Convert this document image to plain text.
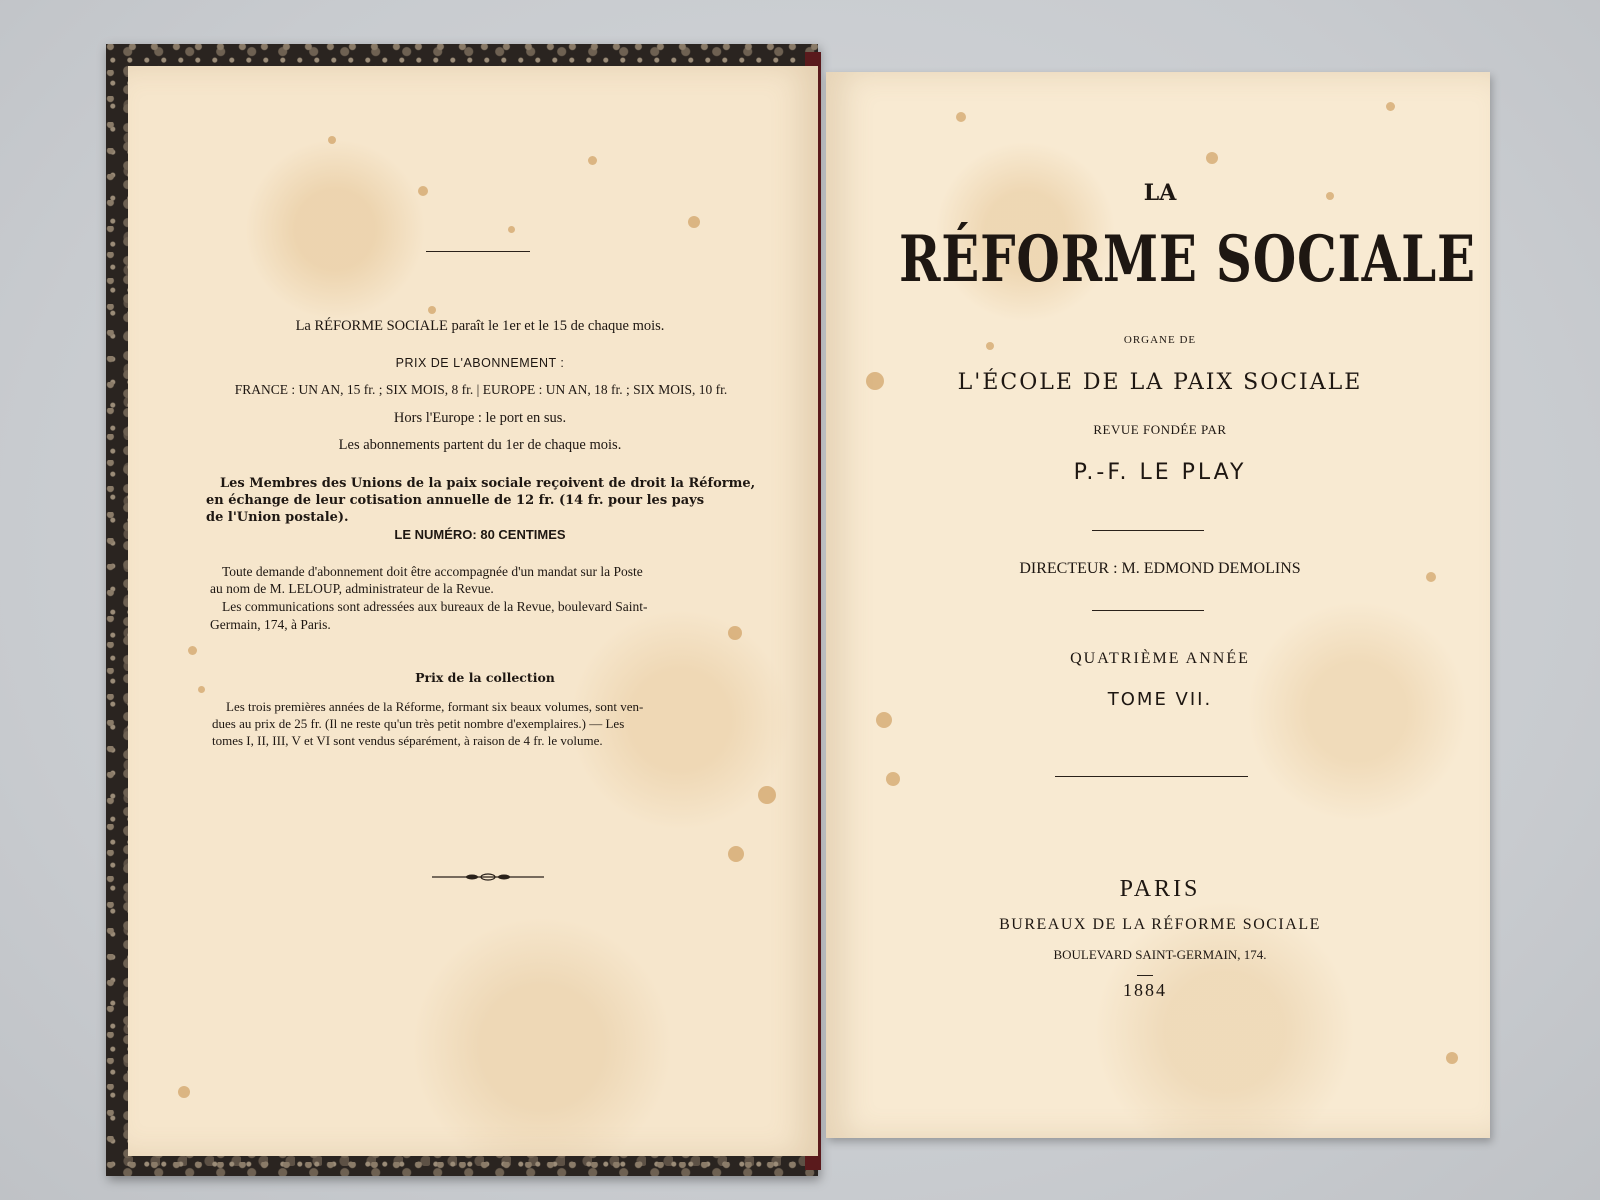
La RÉFORME SOCIALE paraît le 1er et le 15 de chaque mois.
PRIX DE L'ABONNEMENT :
FRANCE : UN AN, 15 fr. ; SIX MOIS, 8 fr. | EUROPE : UN AN, 18 fr. ; SIX MOIS, 10 fr.
Hors l'Europe : le port en sus.
Les abonnements partent du 1er de chaque mois.
Les Membres des Unions de la paix sociale reçoivent de droit la Réforme,
en échange de leur cotisation annuelle de 12 fr. (14 fr. pour les pays
de l'Union postale).
LE NUMÉRO: 80 CENTIMES
Toute demande d'abonnement doit être accompagnée d'un mandat sur la Poste
au nom de M. LELOUP, administrateur de la Revue.
Les communications sont adressées aux bureaux de la Revue, boulevard Saint-
Germain, 174, à Paris.
Prix de la collection
Les trois premières années de la Réforme, formant six beaux volumes, sont ven-
dues au prix de 25 fr. (Il ne reste qu'un très petit nombre d'exemplaires.) — Les
tomes I, II, III, V et VI sont vendus séparément, à raison de 4 fr. le volume.
LA
RÉFORME SOCIALE
ORGANE DE
L'ÉCOLE DE LA PAIX SOCIALE
REVUE FONDÉE PAR
P.-F. LE PLAY
DIRECTEUR : M. EDMOND DEMOLINS
QUATRIÈME ANNÉE
TOME VII.
PARIS
BUREAUX DE LA RÉFORME SOCIALE
BOULEVARD SAINT-GERMAIN, 174.
1884
